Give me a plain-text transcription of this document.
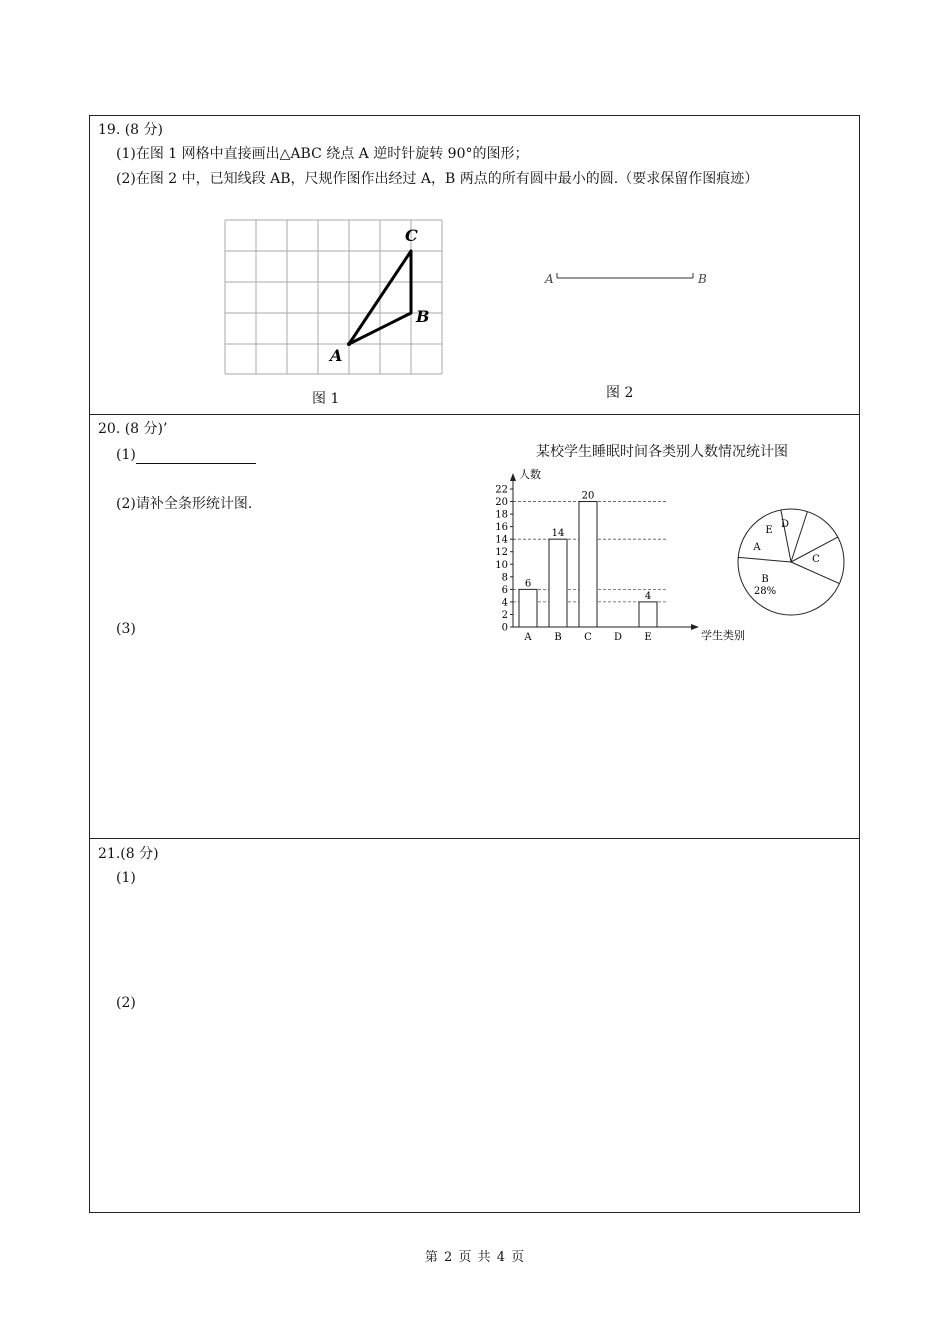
19. (8 分)
(1)在图 1 网格中直接画出△ABC 绕点 A 逆时针旋转 90°的图形；
(2)在图 2 中，已知线段 AB，尺规作图作出经过 A，B 两点的所有圆中最小的圆.（要求保留作图痕迹）
C
B
A
图 1
A	B
图 2
20. (8 分)’
(1)
(2)请补全条形统计图.
(3)
某校学生睡眠时间各类别人数情况统计图
人数
学生类别
0
2
4
6
8
10
12
14
16
18
20
22
6
A
14
B
20
C D
4
E
A
B
28%
C
D
E
21.(8 分)
(1)
(2)
第 2 页 共 4 页
